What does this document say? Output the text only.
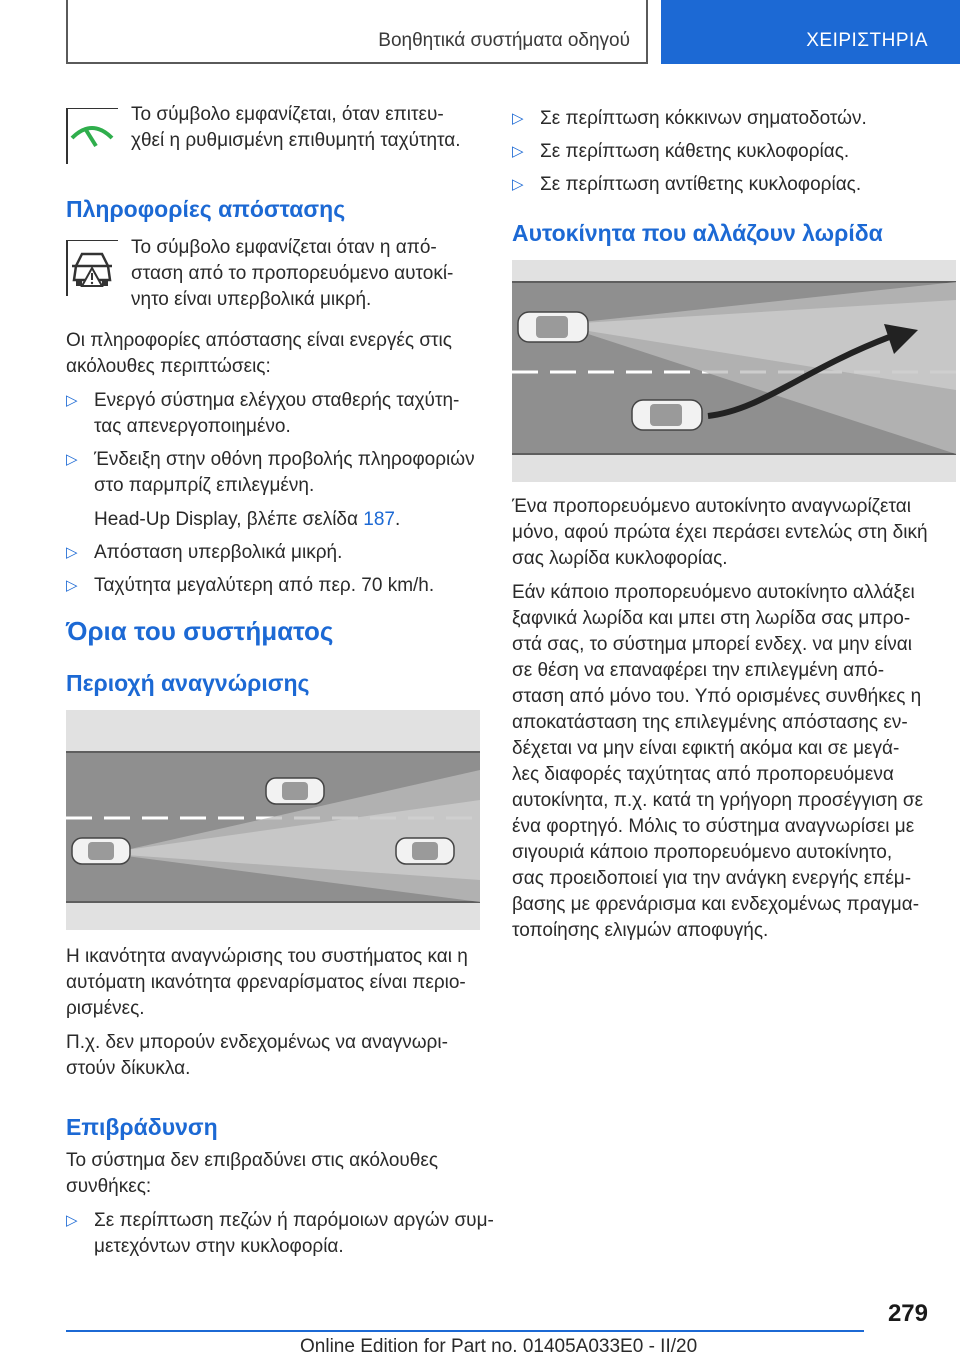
Βοηθητικά συστήματα οδηγού	ΧΕΙΡΙΣΤΗΡΙΑ
Το σύμβολο εμφανίζεται, όταν επιτευ-
χθεί η ρυθμισμένη επιθυμητή ταχύτητα.
Πληροφορίες απόστασης
Το σύμβολο εμφανίζεται όταν η από-
σταση από το προπορευόμενο αυτοκί-
νητο είναι υπερβολικά μικρή.
Οι πληροφορίες απόστασης είναι ενεργές στις
ακόλουθες περιπτώσεις:
▷ Ενεργό σύστημα ελέγχου σταθερής ταχύτη-
τας απενεργοποιημένο.
▷ Ένδειξη στην οθόνη προβολής πληροφοριών
στο παρμπρίζ επιλεγμένη.
Head-Up Display, βλέπε σελίδα 187.
▷ Απόσταση υπερβολικά μικρή.
▷ Ταχύτητα μεγαλύτερη από περ. 70 km/h.
Όρια του συστήματος
Περιοχή αναγνώρισης
Η ικανότητα αναγνώρισης του συστήματος και η
αυτόματη ικανότητα φρεναρίσματος είναι περιο-
ρισμένες.
Π.χ. δεν μπορούν ενδεχομένως να αναγνωρι-
στούν δίκυκλα.
Επιβράδυνση
Το σύστημα δεν επιβραδύνει στις ακόλουθες
συνθήκες:
▷ Σε περίπτωση πεζών ή παρόμοιων αργών συμ-
μετεχόντων στην κυκλοφορία.
▷ Σε περίπτωση κόκκινων σηματοδοτών.
▷ Σε περίπτωση κάθετης κυκλοφορίας.
▷ Σε περίπτωση αντίθετης κυκλοφορίας.
Αυτοκίνητα που αλλάζουν λωρίδα
Ένα προπορευόμενο αυτοκίνητο αναγνωρίζεται
μόνο, αφού πρώτα έχει περάσει εντελώς στη δική
σας λωρίδα κυκλοφορίας.
Εάν κάποιο προπορευόμενο αυτοκίνητο αλλάξει
ξαφνικά λωρίδα και μπει στη λωρίδα σας μπρο-
στά σας, το σύστημα μπορεί ενδεχ. να μην είναι
σε θέση να επαναφέρει την επιλεγμένη από-
σταση από μόνο του. Υπό ορισμένες συνθήκες η
αποκατάσταση της επιλεγμένης απόστασης εν-
δέχεται να μην είναι εφικτή ακόμα και σε μεγά-
λες διαφορές ταχύτητας από προπορευόμενα
αυτοκίνητα, π.χ. κατά τη γρήγορη προσέγγιση σε
ένα φορτηγό. Μόλις το σύστημα αναγνωρίσει με
σιγουριά κάποιο προπορευόμενο αυτοκίνητο,
σας προειδοποιεί για την ανάγκη ενεργής επέμ-
βασης με φρενάρισμα και ενδεχομένως πραγμα-
τοποίησης ελιγμών αποφυγής.
279
Online Edition for Part no. 01405A033E0 - II/20
